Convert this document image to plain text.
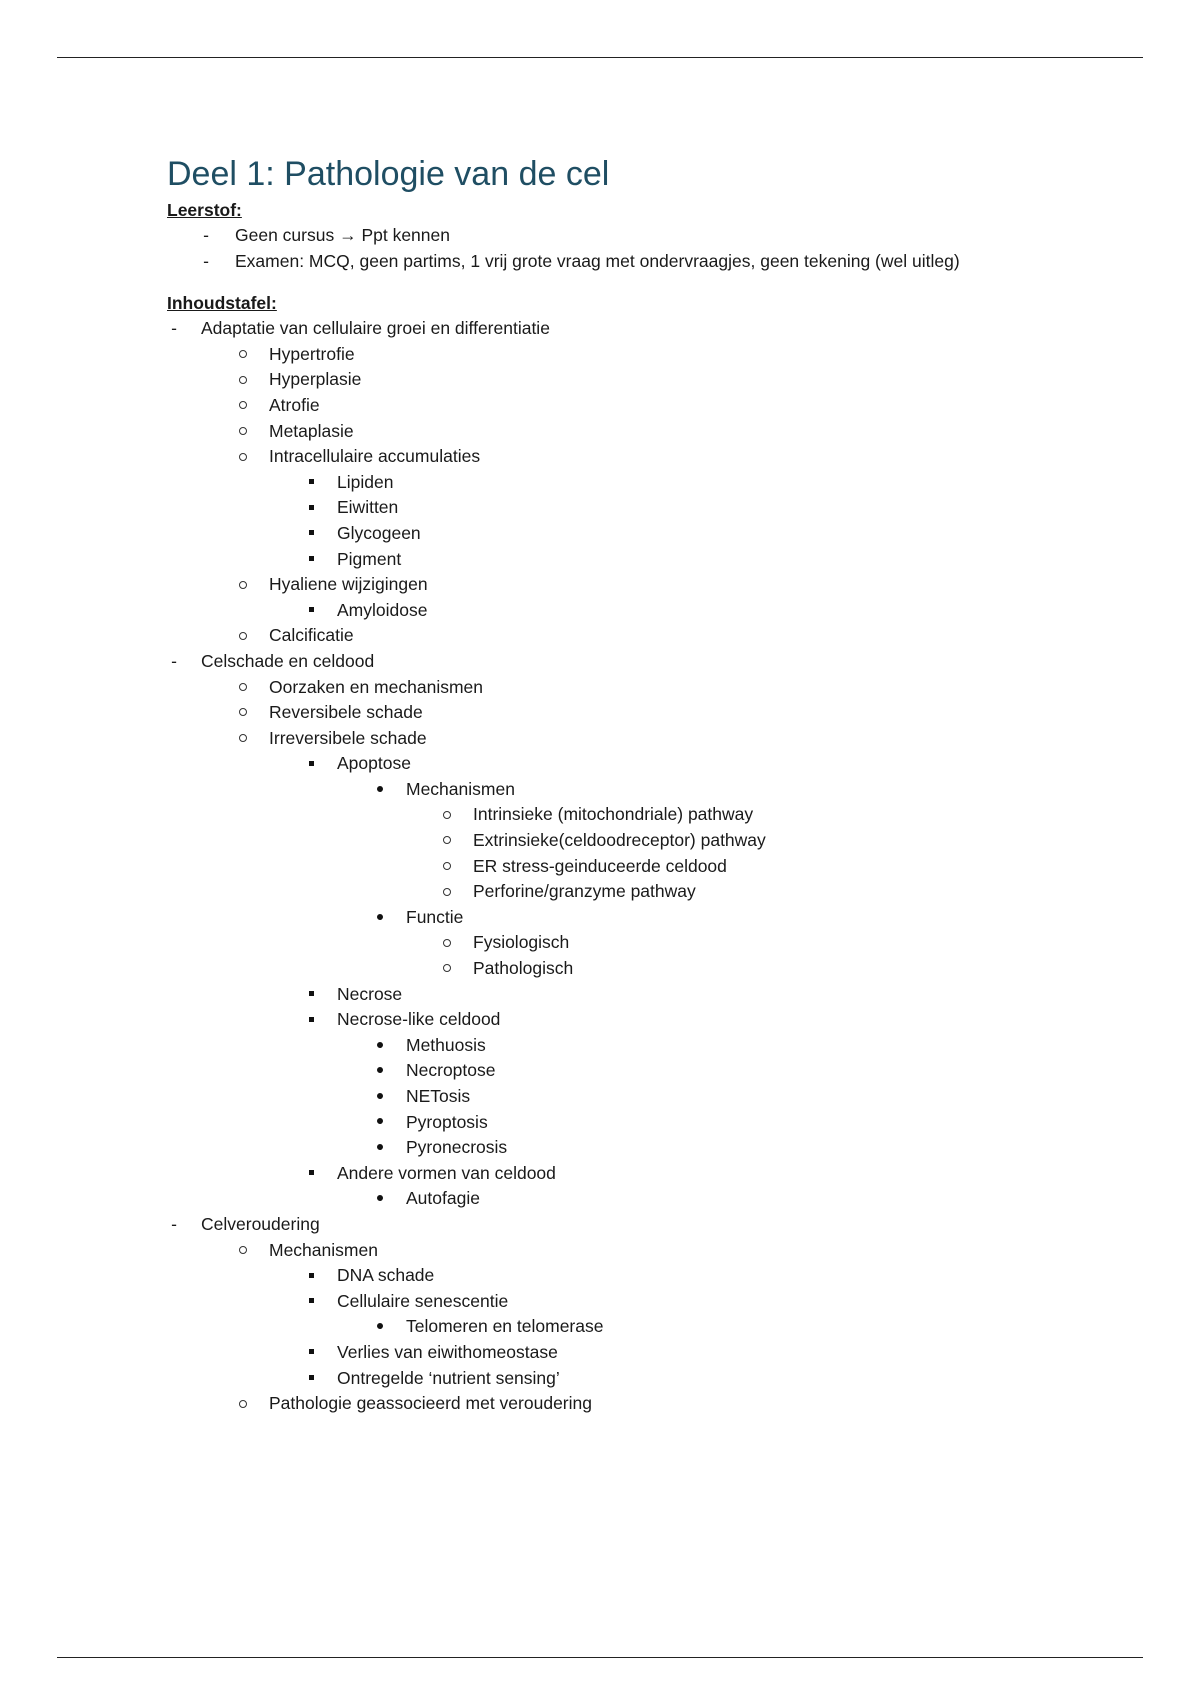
Deel 1: Pathologie van de cel
Leerstof:
-
Geen cursus → Ppt kennen
-
Examen: MCQ, geen partims, 1 vrij grote vraag met ondervraagjes, geen tekening (wel uitleg)
Inhoudstafel:
-
Adaptatie van cellulaire groei en differentiatie
Hypertrofie
Hyperplasie
Atrofie
Metaplasie
Intracellulaire accumulaties
Lipiden
Eiwitten
Glycogeen
Pigment
Hyaliene wijzigingen
Amyloidose
Calcificatie
-
Celschade en celdood
Oorzaken en mechanismen
Reversibele schade
Irreversibele schade
Apoptose
Mechanismen
Intrinsieke (mitochondriale) pathway
Extrinsieke(celdoodreceptor) pathway
ER stress-geinduceerde celdood
Perforine/granzyme pathway
Functie
Fysiologisch
Pathologisch
Necrose
Necrose-like celdood
Methuosis
Necroptose
NETosis
Pyroptosis
Pyronecrosis
Andere vormen van celdood
Autofagie
-
Celveroudering
Mechanismen
DNA schade
Cellulaire senescentie
Telomeren en telomerase
Verlies van eiwithomeostase
Ontregelde ‘nutrient sensing’
Pathologie geassocieerd met veroudering
